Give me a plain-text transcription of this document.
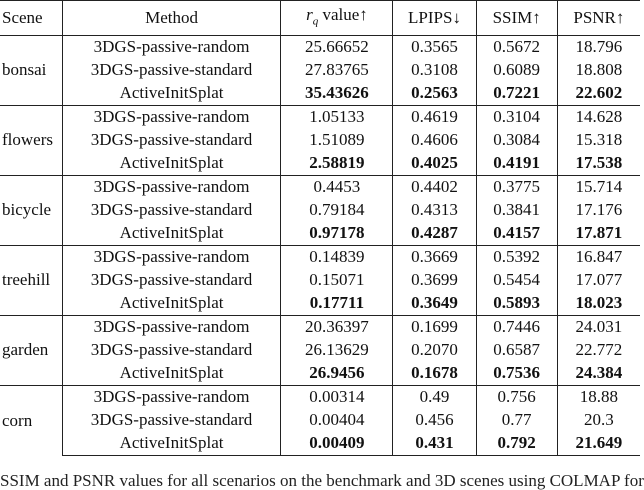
Scene	Method	$r_q$ value↑	LPIPS↓	SSIM↑	PSNR↑
bonsai	3DGS-passive-random	25.66652	0.3565	0.5672	18.796
	3DGS-passive-standard	27.83765	0.3108	0.6089	18.808
	ActiveInitSplat	35.43626	0.2563	0.7221	22.602
flowers	3DGS-passive-random	1.05133	0.4619	0.3104	14.628
	3DGS-passive-standard	1.51089	0.4606	0.3084	15.318
	ActiveInitSplat	2.58819	0.4025	0.4191	17.538
bicycle	3DGS-passive-random	0.4453	0.4402	0.3775	15.714
	3DGS-passive-standard	0.79184	0.4313	0.3841	17.176
	ActiveInitSplat	0.97178	0.4287	0.4157	17.871
treehill	3DGS-passive-random	0.14839	0.3669	0.5392	16.847
	3DGS-passive-standard	0.15071	0.3699	0.5454	17.077
	ActiveInitSplat	0.17711	0.3649	0.5893	18.023
garden	3DGS-passive-random	20.36397	0.1699	0.7446	24.031
	3DGS-passive-standard	26.13629	0.2070	0.6587	22.772
	ActiveInitSplat	26.9456	0.1678	0.7536	24.384
corn	3DGS-passive-random	0.00314	0.49	0.756	18.88
	3DGS-passive-standard	0.00404	0.456	0.77	20.3
	ActiveInitSplat	0.00409	0.431	0.792	21.649
SSIM and PSNR values for all scenarios on the benchmark and 3D scenes using COLMAP for
